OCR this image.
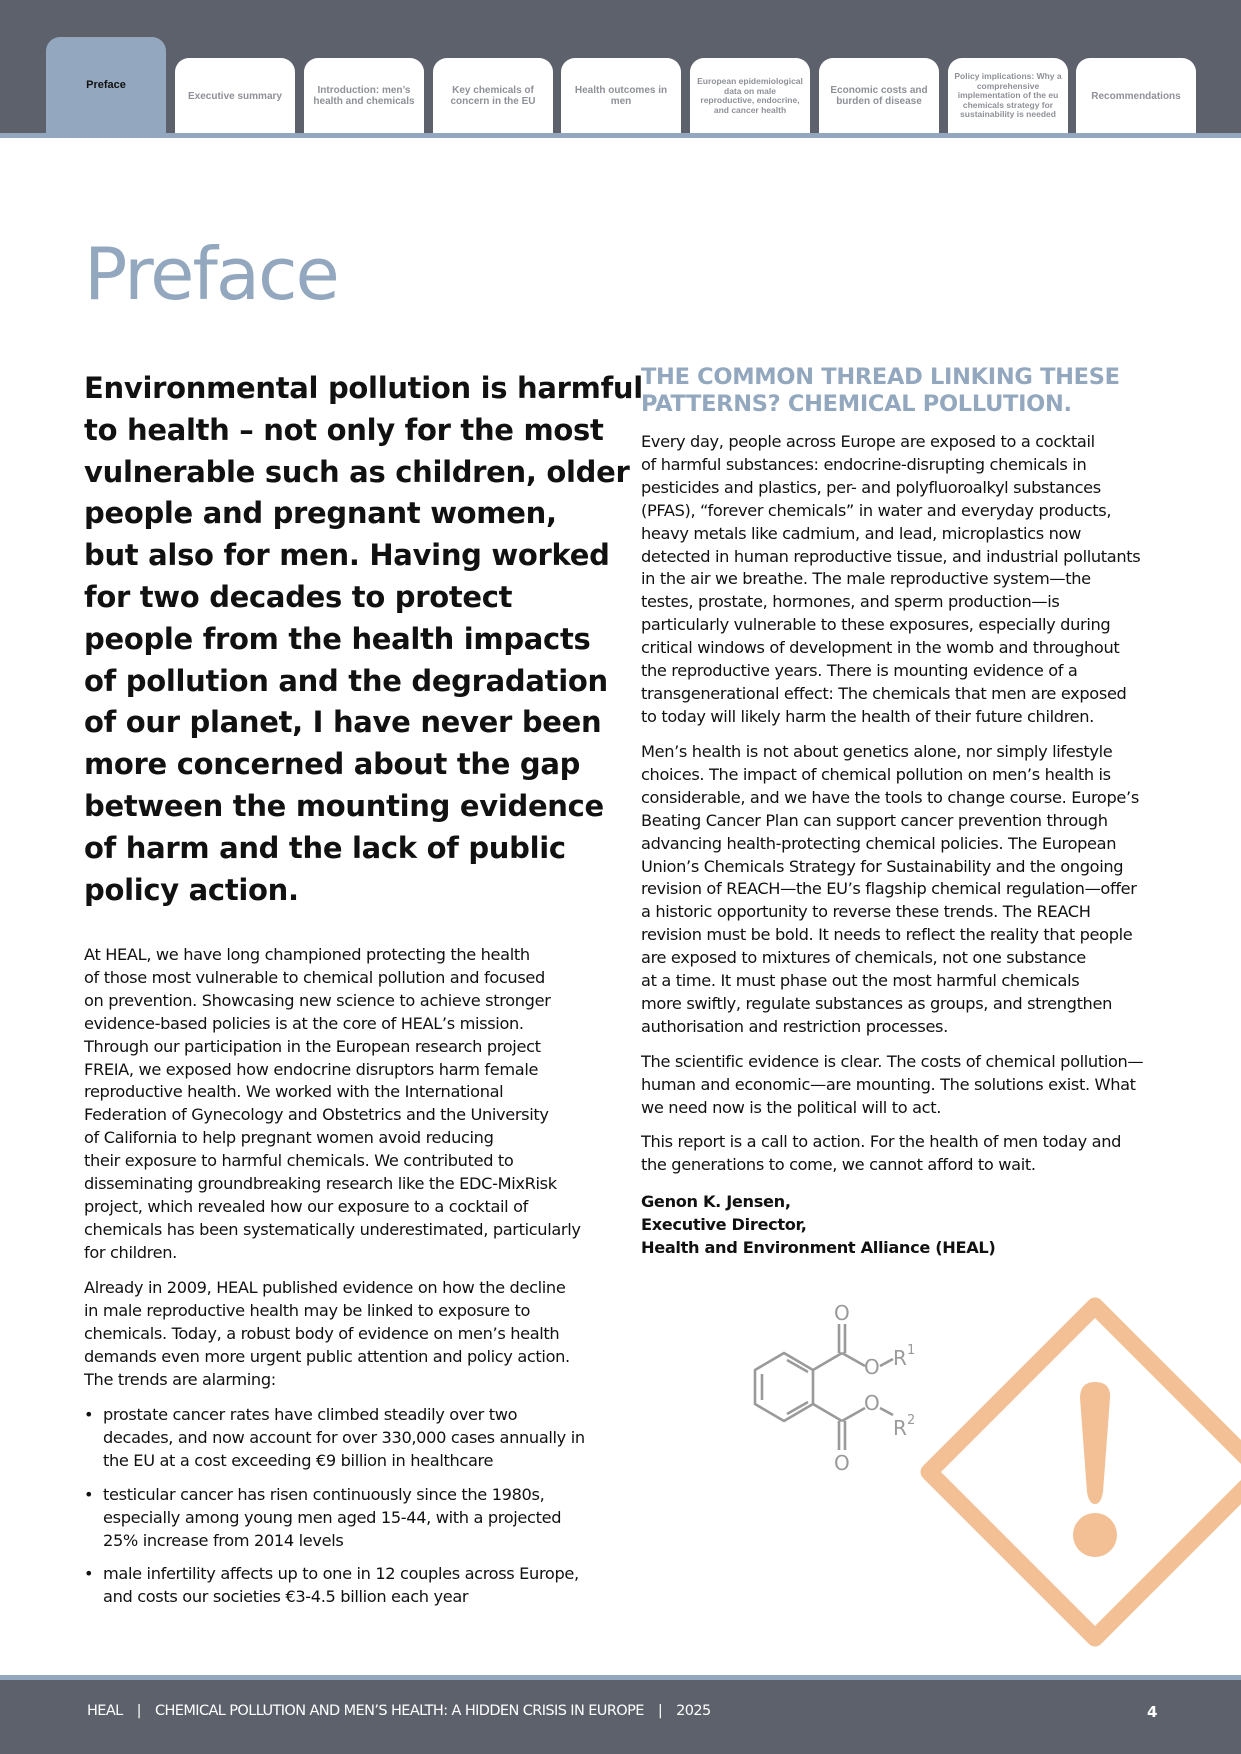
Preface
Executive summary	Introduction: men’s health and chemicals
Key chemicals of concern in the EU
Health outcomes in men
European epidemiological data on male reproductive, endocrine, and cancer health
Economic costs and burden of disease
Policy implications: Why a comprehensive implementation of the eu chemicals strategy for sustainability is needed
Recommendations
Preface
Environmental pollution is harmful
to health – not only for the most
vulnerable such as children, older
people and pregnant women,
but also for men. Having worked
for two decades to protect
people from the health impacts
of pollution and the degradation
of our planet, I have never been
more concerned about the gap
between the mounting evidence
of harm and the lack of public
policy action.
At HEAL, we have long championed protecting the health
of those most vulnerable to chemical pollution and focused
on prevention. Showcasing new science to achieve stronger
evidence-based policies is at the core of HEAL’s mission.
Through our participation in the European research project
FREIA, we exposed how endocrine disruptors harm female
reproductive health. We worked with the International
Federation of Gynecology and Obstetrics and the University
of California to help pregnant women avoid reducing
their exposure to harmful chemicals. We contributed to
disseminating groundbreaking research like the EDC-MixRisk
project, which revealed how our exposure to a cocktail of
chemicals has been systematically underestimated, particularly
for children.
Already in 2009, HEAL published evidence on how the decline
in male reproductive health may be linked to exposure to
chemicals. Today, a robust body of evidence on men’s health
demands even more urgent public attention and policy action.
The trends are alarming:
• prostate cancer rates have climbed steadily over two
decades, and now account for over 330,000 cases annually in
the EU at a cost exceeding €9 billion in healthcare
• testicular cancer has risen continuously since the 1980s,
especially among young men aged 15-44, with a projected
25% increase from 2014 levels
• male infertility affects up to one in 12 couples across Europe,
and costs our societies €3-4.5 billion each year
THE COMMON THREAD LINKING THESE
PATTERNS? CHEMICAL POLLUTION.
Every day, people across Europe are exposed to a cocktail
of harmful substances: endocrine-disrupting chemicals in
pesticides and plastics, per- and polyfluoroalkyl substances
(PFAS), “forever chemicals” in water and everyday products,
heavy metals like cadmium, and lead, microplastics now
detected in human reproductive tissue, and industrial pollutants
in the air we breathe. The male reproductive system—the
testes, prostate, hormones, and sperm production—is
particularly vulnerable to these exposures, especially during
critical windows of development in the womb and throughout
the reproductive years. There is mounting evidence of a
transgenerational effect: The chemicals that men are exposed
to today will likely harm the health of their future children.
Men’s health is not about genetics alone, nor simply lifestyle
choices. The impact of chemical pollution on men’s health is
considerable, and we have the tools to change course. Europe’s
Beating Cancer Plan can support cancer prevention through
advancing health-protecting chemical policies. The European
Union’s Chemicals Strategy for Sustainability and the ongoing
revision of REACH—the EU’s flagship chemical regulation—offer
a historic opportunity to reverse these trends. The REACH
revision must be bold. It needs to reflect the reality that people
are exposed to mixtures of chemicals, not one substance
at a time. It must phase out the most harmful chemicals
more swiftly, regulate substances as groups, and strengthen
authorisation and restriction processes.
The scientific evidence is clear. The costs of chemical pollution—
human and economic—are mounting. The solutions exist. What
we need now is the political will to act.
This report is a call to action. For the health of men today and
the generations to come, we cannot afford to wait.
Genon K. Jensen,
Executive Director,
Health and Environment Alliance (HEAL)
O
O
O
O
R 1
R 2
HEAL | CHEMICAL POLLUTION AND MEN’S HEALTH: A HIDDEN CRISIS IN EUROPE | 2025	4
